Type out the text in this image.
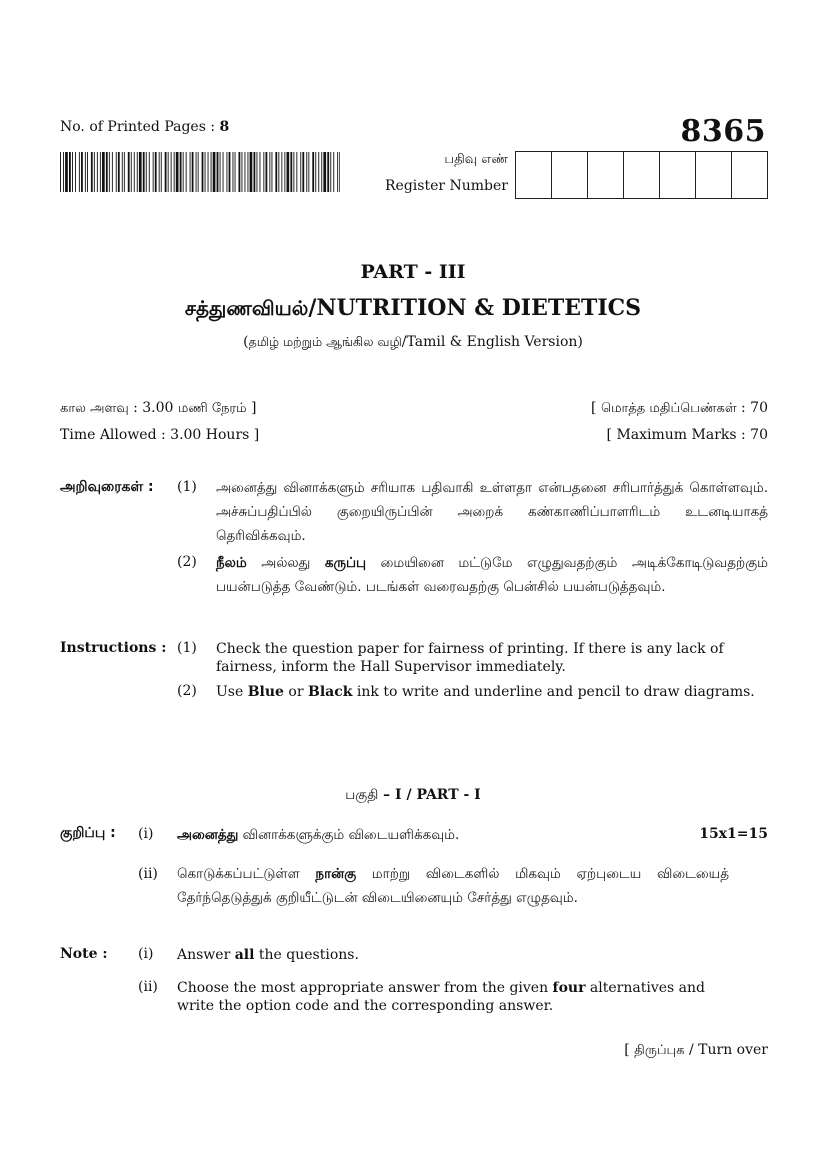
No. of Printed Pages : 8	8365
பதிவு எண்
Register Number
PART - III
சத்துணவியல்/NUTRITION & DIETETICS
(தமிழ் மற்றும் ஆங்கில வழி/Tamil & English Version)
கால அளவு : 3.00 மணி நேரம் ]
Time Allowed : 3.00 Hours ]
[ மொத்த மதிப்பெண்கள் : 70
[ Maximum Marks : 70
அறிவுரைகள் : (1) அனைத்து வினாக்களும் சரியாக பதிவாகி உள்ளதா என்பதனை சரிபார்த்துக் கொள்ளவும். அச்சுப்பதிப்பில் குறையிருப்பின் அறைக் கண்காணிப்பாளரிடம் உடனடியாகத் தெரிவிக்கவும்.
(2) நீலம் அல்லது கருப்பு மையினை மட்டுமே எழுதுவதற்கும் அடிக்கோடிடுவதற்கும் பயன்படுத்த வேண்டும். படங்கள் வரைவதற்கு பென்சில் பயன்படுத்தவும்.
Instructions : (1) Check the question paper for fairness of printing. If there is any lack of fairness, inform the Hall Supervisor immediately.
(2) Use Blue or Black ink to write and underline and pencil to draw diagrams.
பகுதி – I / PART - I
குறிப்பு : (i) அனைத்து வினாக்களுக்கும் விடையளிக்கவும்.	15x1=15
(ii) கொடுக்கப்பட்டுள்ள நான்கு மாற்று விடைகளில் மிகவும் ஏற்புடைய விடையைத் தேர்ந்தெடுத்துக் குறியீட்டுடன் விடையினையும் சேர்த்து எழுதவும்.
Note : (i) Answer all the questions.
(ii) Choose the most appropriate answer from the given four alternatives and write the option code and the corresponding answer.
[ திருப்புக / Turn over
